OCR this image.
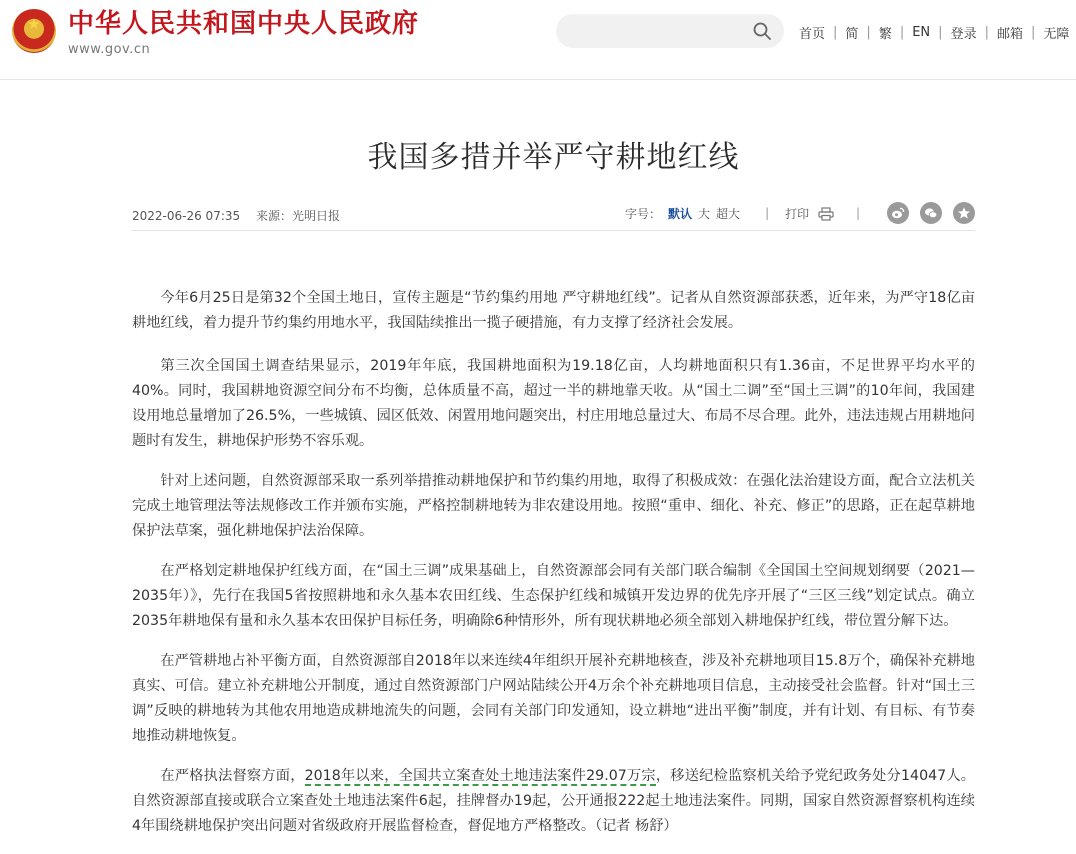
★	中华人民共和国中央人民政府
www.gov.cn
首页 | 简 | 繁 | EN | 登录 | 邮箱 | 无障
我国多措并举严守耕地红线
2022-06-26 07:35 来源：光明日报	字号： 默认 大 超大 | 打印	|

今年6月25日是第32个全国土地日，宣传主题是“节约集约用地 严守耕地红线”。记者从自然资源部获悉，近年来，为严守18亿亩耕地红线，着力提升节约集约用地水平，我国陆续推出一揽子硬措施，有力支撑了经济社会发展。

第三次全国国土调查结果显示，2019年年底，我国耕地面积为19.18亿亩，人均耕地面积只有1.36亩，不足世界平均水平的40%。同时，我国耕地资源空间分布不均衡，总体质量不高，超过一半的耕地靠天收。从“国土二调”至“国土三调”的10年间，我国建设用地总量增加了26.5%，一些城镇、园区低效、闲置用地问题突出，村庄用地总量过大、布局不尽合理。此外，违法违规占用耕地问题时有发生，耕地保护形势不容乐观。

针对上述问题，自然资源部采取一系列举措推动耕地保护和节约集约用地，取得了积极成效：在强化法治建设方面，配合立法机关完成土地管理法等法规修改工作并颁布实施，严格控制耕地转为非农建设用地。按照“重申、细化、补充、修正”的思路，正在起草耕地保护法草案，强化耕地保护法治保障。

在严格划定耕地保护红线方面，在“国土三调”成果基础上，自然资源部会同有关部门联合编制《全国国土空间规划纲要（2021—2035年）》，先行在我国5省按照耕地和永久基本农田红线、生态保护红线和城镇开发边界的优先序开展了“三区三线”划定试点。确立2035年耕地保有量和永久基本农田保护目标任务，明确除6种情形外，所有现状耕地必须全部划入耕地保护红线，带位置分解下达。

在严管耕地占补平衡方面，自然资源部自2018年以来连续4年组织开展补充耕地核查，涉及补充耕地项目15.8万个，确保补充耕地真实、可信。建立补充耕地公开制度，通过自然资源部门户网站陆续公开4万余个补充耕地项目信息，主动接受社会监督。针对“国土三调”反映的耕地转为其他农用地造成耕地流失的问题，会同有关部门印发通知，设立耕地“进出平衡”制度，并有计划、有目标、有节奏地推动耕地恢复。

在严格执法督察方面，2018年以来，全国共立案查处土地违法案件29.07万宗，移送纪检监察机关给予党纪政务处分14047人。自然资源部直接或联合立案查处土地违法案件6起，挂牌督办19起，公开通报222起土地违法案件。同期，国家自然资源督察机构连续4年围绕耕地保护突出问题对省级政府开展监督检查，督促地方严格整改。（记者 杨舒）
